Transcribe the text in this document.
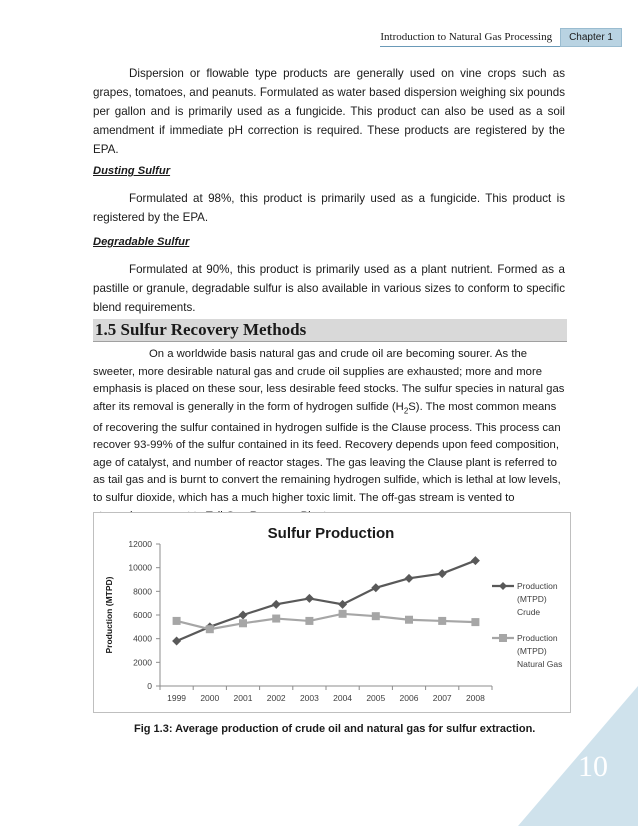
Introduction to Natural Gas Processing	Chapter 1

Dispersion or flowable type products are generally used on vine crops such as grapes, tomatoes, and peanuts. Formulated as water based dispersion weighing six pounds per gallon and is primarily used as a fungicide. This product can also be used as a soil amendment if immediate pH correction is required. These products are registered by the EPA.

Dusting Sulfur

Formulated at 98%, this product is primarily used as a fungicide. This product is registered by the EPA.

Degradable Sulfur

Formulated at 90%, this product is primarily used as a plant nutrient. Formed as a pastille or granule, degradable sulfur is also available in various sizes to conform to specific blend requirements.

1.5 Sulfur Recovery Methods

On a worldwide basis natural gas and crude oil are becoming sourer. As the sweeter, more desirable natural gas and crude oil supplies are exhausted; more and more emphasis is placed on these sour, less desirable feed stocks. The sulfur species in natural gas after its removal is generally in the form of hydrogen sulfide $(H_2S)$. The most common means of recovering the sulfur contained in hydrogen sulfide is the Clause process. This process can recover 93-99% of the sulfur contained in its feed. Recovery depends upon feed composition, age of catalyst, and number of reactor stages. The gas leaving the Clause plant is referred to as tail gas and is burnt to convert the remaining hydrogen sulfide, which is lethal at low levels, to sulfur dioxide, which has a much higher toxic limit. The off-gas stream is vented to

Sulfur Production
0
2000
4000
6000
8000
10000
12000
1999 2000 2001 2002 2003 2004 2005 2006 2007 2008
Production (MTPD)	Production
(MTPD)
Crude
Production
(MTPD)
Natural Gas
Fig 1.3: Average production of crude oil and natural gas for sulfur extraction.
10
